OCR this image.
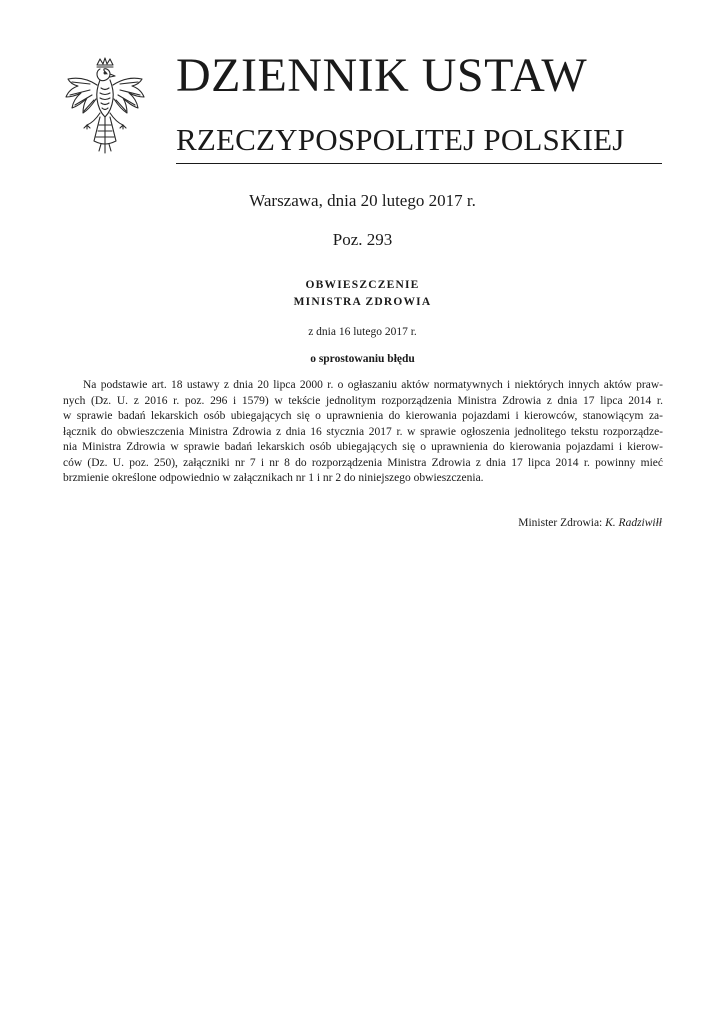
DZIENNIK USTAW
RZECZYPOSPOLITEJ POLSKIEJ
Warszawa, dnia 20 lutego 2017 r.
Poz. 293
OBWIESZCZENIE
MINISTRA ZDROWIA
z dnia 16 lutego 2017 r.
o sprostowaniu błędu
Na podstawie art. 18 ustawy z dnia 20 lipca 2000 r. o ogłaszaniu aktów normatywnych i niektórych innych aktów praw-
nych (Dz. U. z 2016 r. poz. 296 i 1579) w tekście jednolitym rozporządzenia Ministra Zdrowia z dnia 17 lipca 2014 r.
w sprawie badań lekarskich osób ubiegających się o uprawnienia do kierowania pojazdami i kierowców, stanowiącym za-
łącznik do obwieszczenia Ministra Zdrowia z dnia 16 stycznia 2017 r. w sprawie ogłoszenia jednolitego tekstu rozporządze-
nia Ministra Zdrowia w sprawie badań lekarskich osób ubiegających się o uprawnienia do kierowania pojazdami i kierow-
ców (Dz. U. poz. 250), załączniki nr 7 i nr 8 do rozporządzenia Ministra Zdrowia z dnia 17 lipca 2014 r. powinny mieć
brzmienie określone odpowiednio w załącznikach nr 1 i nr 2 do niniejszego obwieszczenia.
Minister Zdrowia: K. Radziwiłł
